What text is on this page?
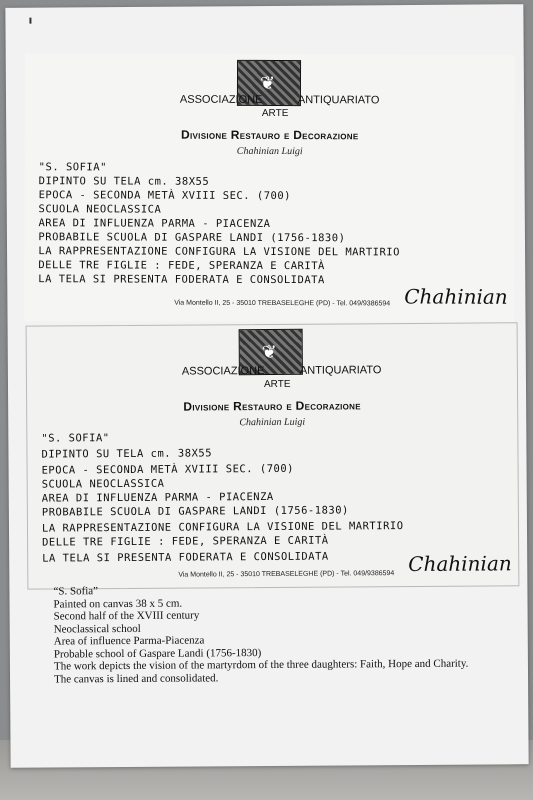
❦
ASSOCIAZIONE
ARTE
ANTIQUARIATO
Divisione Restauro e Decorazione
Chahinian Luigi
"S. SOFIA"
DIPINTO SU TELA cm. 38X55
EPOCA - SECONDA METÀ XVIII SEC. (700)
SCUOLA NEOCLASSICA
AREA DI INFLUENZA PARMA - PIACENZA
PROBABILE SCUOLA DI GASPARE LANDI (1756-1830)
LA RAPPRESENTAZIONE CONFIGURA LA VISIONE DEL MARTIRIO
DELLE TRE FIGLIE : FEDE, SPERANZA E CARITÀ
LA TELA SI PRESENTA FODERATA E CONSOLIDATA
Via Montello II, 25 - 35010 TREBASELEGHE (PD) - Tel. 049/9386594 Chahinian
❦
ASSOCIAZIONE
ARTE
ANTIQUARIATO
Divisione Restauro e Decorazione
Chahinian Luigi
"S. SOFIA"
DIPINTO SU TELA cm. 38X55
EPOCA - SECONDA METÀ XVIII SEC. (700)
SCUOLA NEOCLASSICA
AREA DI INFLUENZA PARMA - PIACENZA
PROBABILE SCUOLA DI GASPARE LANDI (1756-1830)
LA RAPPRESENTAZIONE CONFIGURA LA VISIONE DEL MARTIRIO
DELLE TRE FIGLIE : FEDE, SPERANZA E CARITÀ
LA TELA SI PRESENTA FODERATA E CONSOLIDATA
Via Montello II, 25 - 35010 TREBASELEGHE (PD) - Tel. 049/9386594 Chahinian
“S. Sofia”
Painted on canvas 38 x 5 cm.
Second half of the XVIII century
Neoclassical school
Area of influence Parma-Piacenza
Probable school of Gaspare Landi (1756-1830)
The work depicts the vision of the martyrdom of the three daughters: Faith, Hope and Charity.
The canvas is lined and consolidated.
